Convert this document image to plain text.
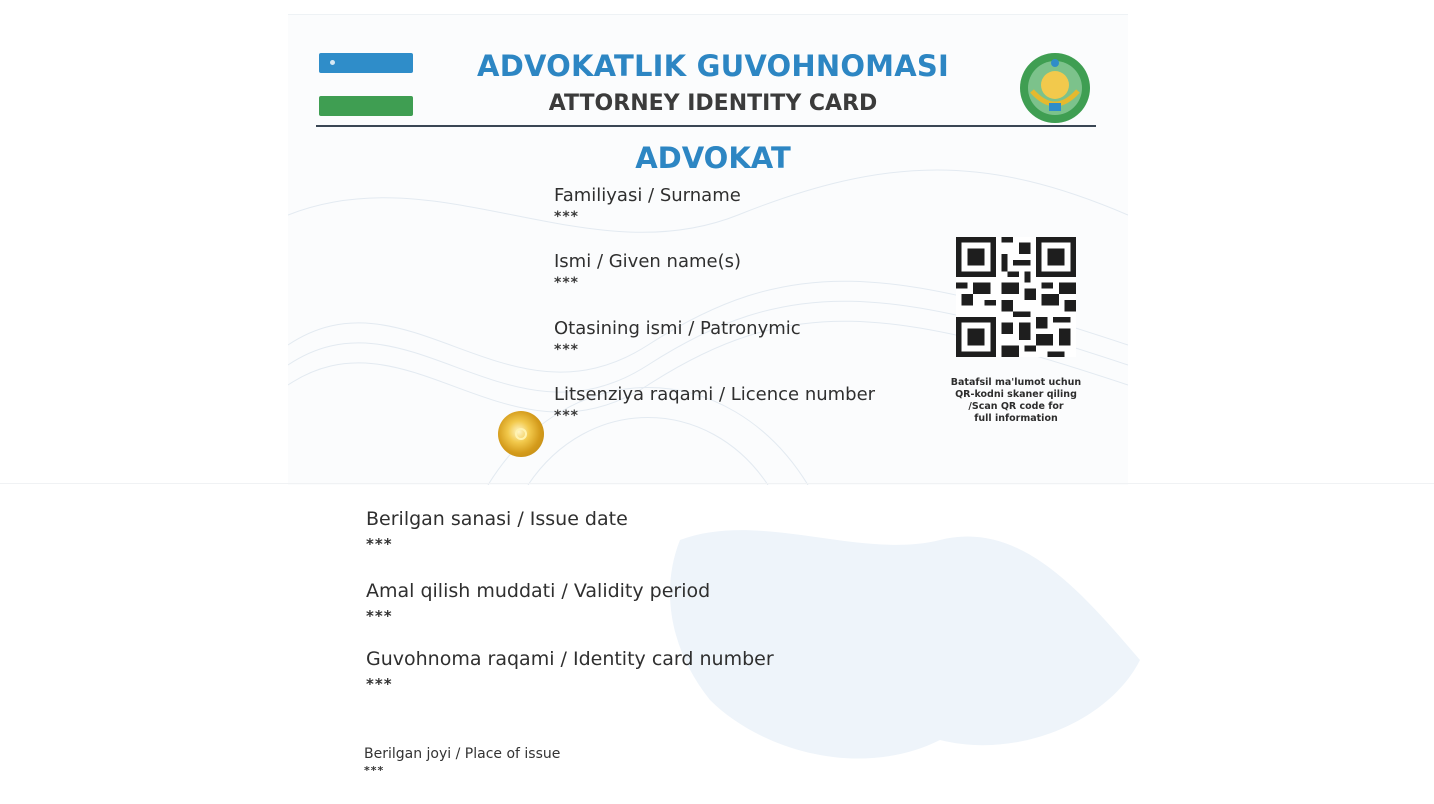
ADVOKATLIK GUVOHNOMASI
ATTORNEY IDENTITY CARD
ADVOKAT
Familiyasi / Surname
***
Ismi / Given name(s)
***
Otasining ismi / Patronymic
***
Litsenziya raqami / Licence number
***
Batafsil ma'lumot uchun
QR-kodni skaner qiling
/Scan QR code for
full information
Berilgan sanasi / Issue date
***
Amal qilish muddati / Validity period
***
Guvohnoma raqami / Identity card number
***
Berilgan joyi / Place of issue
***
